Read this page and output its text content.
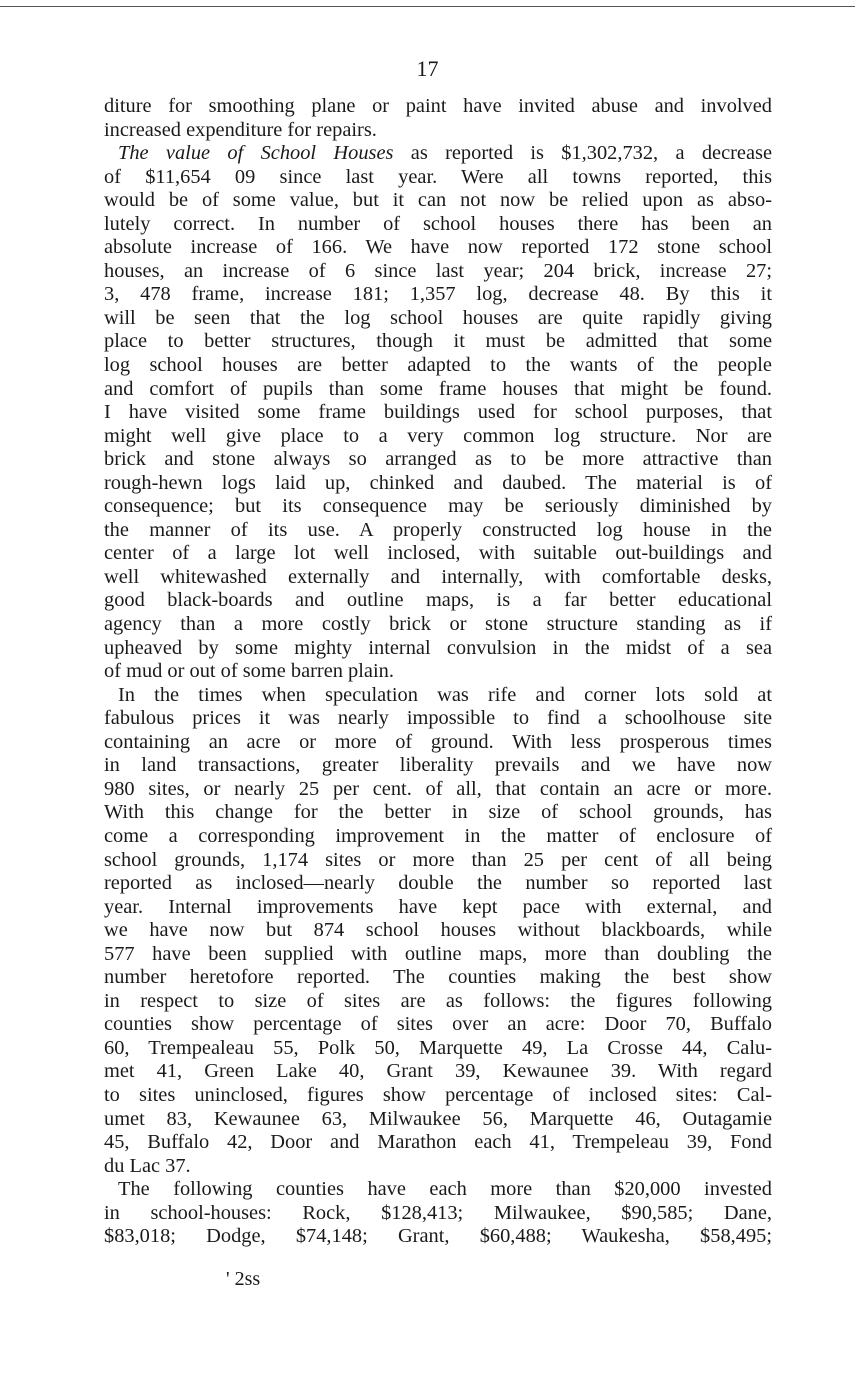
17
diture for smoothing plane or paint have invited abuse and involved
increased expenditure for repairs.
The value of School Houses as reported is $1,302,732, a decrease
of $11,654 09 since last year. Were all towns reported, this
would be of some value, but it can not now be relied upon as abso-
lutely correct. In number of school houses there has been an
absolute increase of 166. We have now reported 172 stone school
houses, an increase of 6 since last year; 204 brick, increase 27;
3, 478 frame, increase 181; 1,357 log, decrease 48. By this it
will be seen that the log school houses are quite rapidly giving
place to better structures, though it must be admitted that some
log school houses are better adapted to the wants of the people
and comfort of pupils than some frame houses that might be found.
I have visited some frame buildings used for school purposes, that
might well give place to a very common log structure. Nor are
brick and stone always so arranged as to be more attractive than
rough-hewn logs laid up, chinked and daubed. The material is of
consequence; but its consequence may be seriously diminished by
the manner of its use. A properly constructed log house in the
center of a large lot well inclosed, with suitable out-buildings and
well whitewashed externally and internally, with comfortable desks,
good black-boards and outline maps, is a far better educational
agency than a more costly brick or stone structure standing as if
upheaved by some mighty internal convulsion in the midst of a sea
of mud or out of some barren plain.
In the times when speculation was rife and corner lots sold at
fabulous prices it was nearly impossible to find a schoolhouse site
containing an acre or more of ground. With less prosperous times
in land transactions, greater liberality prevails and we have now
980 sites, or nearly 25 per cent. of all, that contain an acre or more.
With this change for the better in size of school grounds, has
come a corresponding improvement in the matter of enclosure of
school grounds, 1,174 sites or more than 25 per cent of all being
reported as inclosed—nearly double the number so reported last
year. Internal improvements have kept pace with external, and
we have now but 874 school houses without blackboards, while
577 have been supplied with outline maps, more than doubling the
number heretofore reported. The counties making the best show
in respect to size of sites are as follows: the figures following
counties show percentage of sites over an acre: Door 70, Buffalo
60, Trempealeau 55, Polk 50, Marquette 49, La Crosse 44, Calu-
met 41, Green Lake 40, Grant 39, Kewaunee 39. With regard
to sites uninclosed, figures show percentage of inclosed sites: Cal-
umet 83, Kewaunee 63, Milwaukee 56, Marquette 46, Outagamie
45, Buffalo 42, Door and Marathon each 41, Trempeleau 39, Fond
du Lac 37.
The following counties have each more than $20,000 invested
in school-houses: Rock, $128,413; Milwaukee, $90,585; Dane,
$83,018; Dodge, $74,148; Grant, $60,488; Waukesha, $58,495;
' 2ss
